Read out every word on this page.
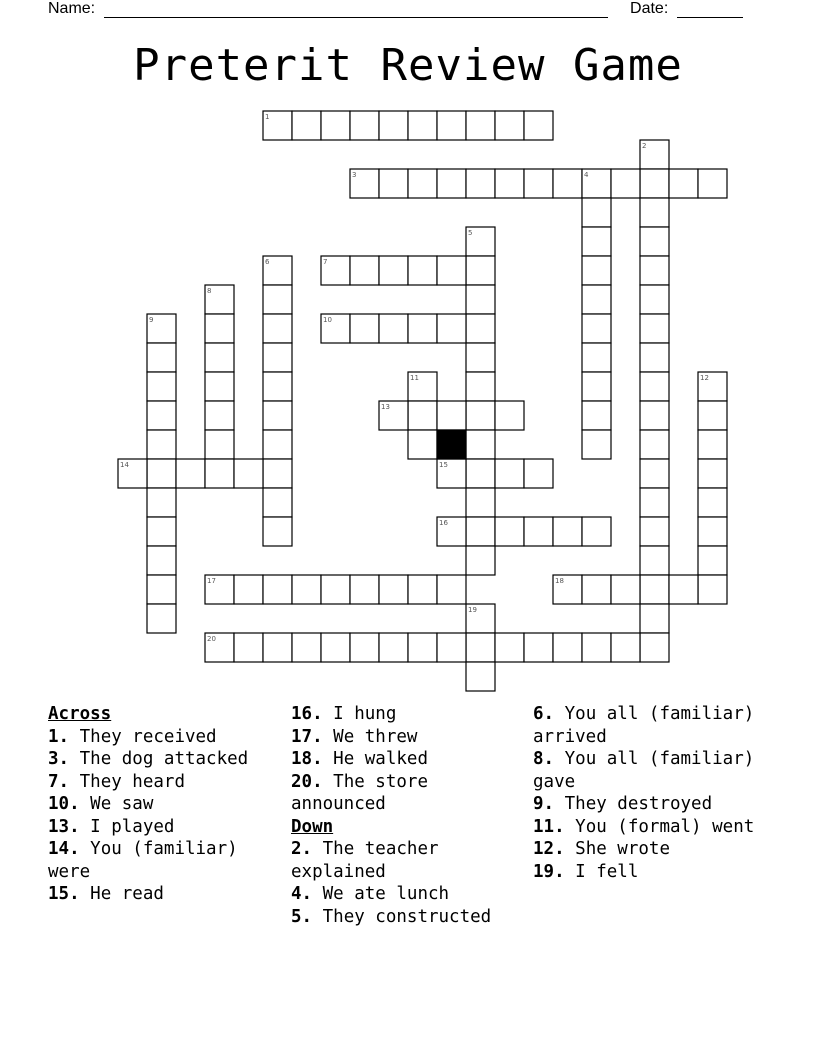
Name:	Date:
Preterit Review Game
1
2
3	4
5
6	7
8
9	10
11	12
13
14	15
16
17	18
19
20
Across
1. They received
3. The dog attacked
7. They heard
10. We saw
13. I played
14. You (familiar) were
15. He read
16. I hung
17. We threw
18. He walked
20. The store announced
Down
2. The teacher explained
4. We ate lunch
5. They constructed
6. You all (familiar) arrived
8. You all (familiar) gave
9. They destroyed
11. You (formal) went
12. She wrote
19. I fell
